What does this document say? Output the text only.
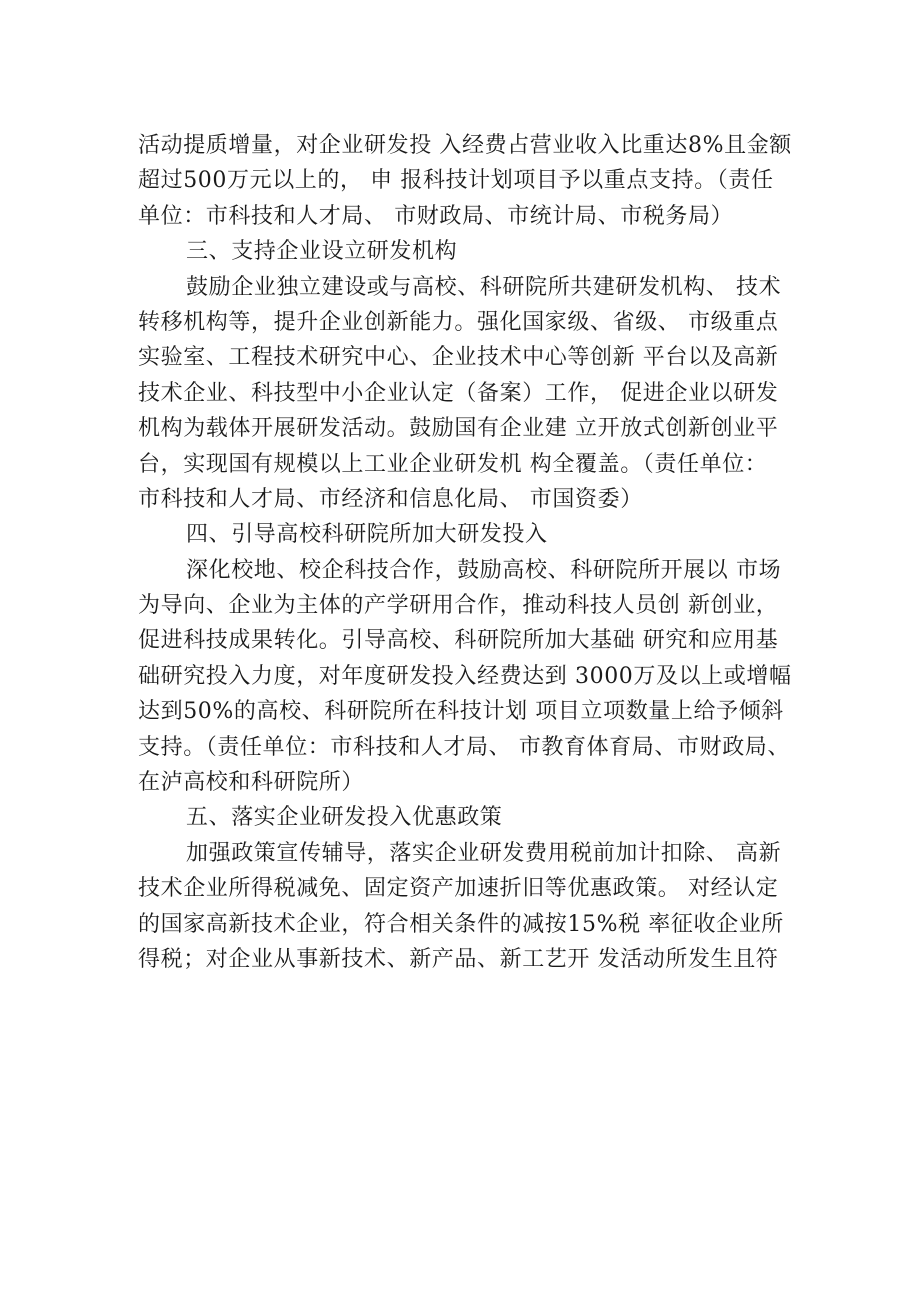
活动提质增量，对企业研发投 入经费占营业收入比重达8%且金额
超过500万元以上的， 申 报科技计划项目予以重点支持。（责任
单位：市科技和人才局、 市财政局、市统计局、市税务局）
三、支持企业设立研发机构
鼓励企业独立建设或与高校、科研院所共建研发机构、 技术
转移机构等，提升企业创新能力。强化国家级、省级、 市级重点
实验室、工程技术研究中心、企业技术中心等创新 平台以及高新
技术企业、科技型中小企业认定（备案）工作， 促进企业以研发
机构为载体开展研发活动。鼓励国有企业建 立开放式创新创业平
台，实现国有规模以上工业企业研发机 构全覆盖。（责任单位：
市科技和人才局、市经济和信息化局、 市国资委）
四、引导高校科研院所加大研发投入
深化校地、校企科技合作，鼓励高校、科研院所开展以 市场
为导向、企业为主体的产学研用合作，推动科技人员创 新创业，
促进科技成果转化。引导高校、科研院所加大基础 研究和应用基
础研究投入力度，对年度研发投入经费达到 3000万及以上或增幅
达到50%的高校、科研院所在科技计划 项目立项数量上给予倾斜
支持。（责任单位：市科技和人才局、 市教育体育局、市财政局、
在泸高校和科研院所）
五、落实企业研发投入优惠政策
加强政策宣传辅导，落实企业研发费用税前加计扣除、 高新
技术企业所得税减免、固定资产加速折旧等优惠政策。 对经认定
的国家高新技术企业，符合相关条件的减按15%税 率征收企业所
得税；对企业从事新技术、新产品、新工艺开 发活动所发生且符
